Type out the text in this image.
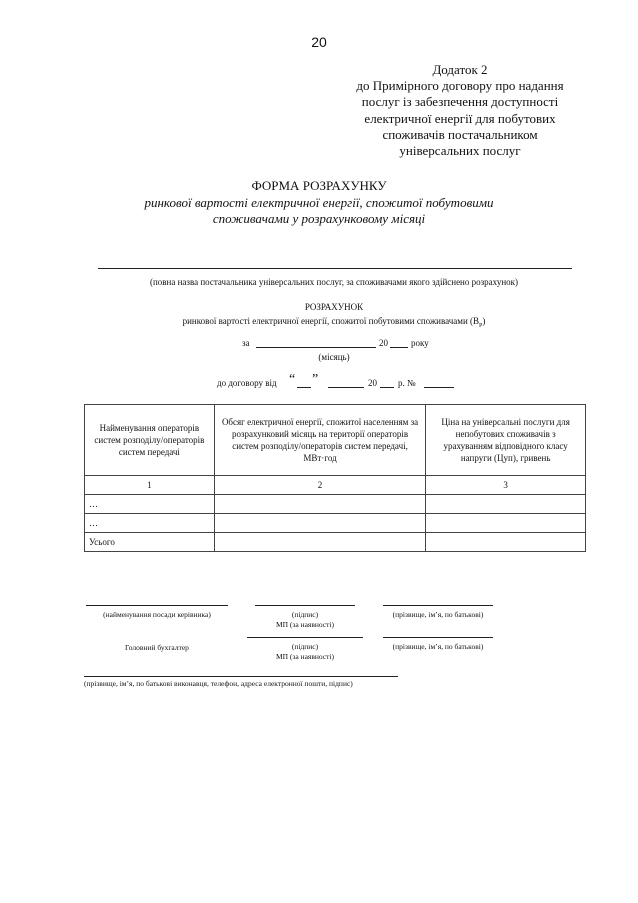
20
Додаток 2
до Примірного договору про надання
послуг із забезпечення доступності
електричної енергії для побутових
споживачів постачальником
універсальних послуг
ФОРМА РОЗРАХУНКУ
ринкової вартості електричної енергії, спожитої побутовими
споживачами у розрахунковому місяці
(повна назва постачальника універсальних послуг, за споживачами якого здійснено розрахунок)
РОЗРАХУНОК
ринкової вартості електричної енергії, спожитої побутовими споживачами $(В_Р)$
за	20	року
(місяць)
до договору від “ ”	20 р. №
Найменування операторів систем розподілу/операторів систем передачі	Обсяг електричної енергії, спожитої населенням за розрахунковий місяць на території операторів систем розподілу/операторів систем передачі, МВт·год	Ціна на універсальні послуги для непобутових споживачів з урахуванням відповідного класу напруги (Цуп), гривень
1	2	3
…		
…		
Усього		
(найменування посади керівника)	(підпис)
МП (за наявності)
(прізвище, ім’я, по батькові)
Головний бухгалтер	(підпис)
МП (за наявності)
(прізвище, ім’я, по батькові)
(прізвище, ім’я, по батькові виконавця, телефон, адреса електронної пошти, підпис)
